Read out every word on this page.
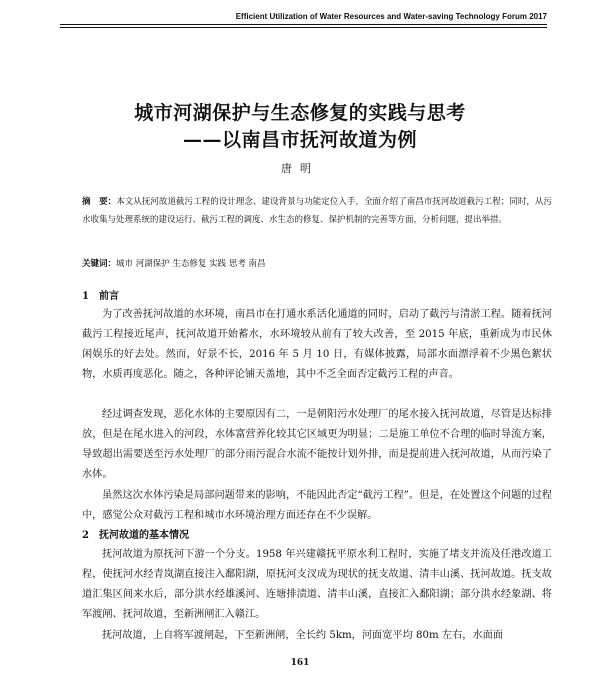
Efficient Utilization of Water Resources and Water-saving Technology Forum 2017
城市河湖保护与生态修复的实践与思考
——以南昌市抚河故道为例
唐明
摘　要：本文从抚河故道截污工程的设计理念、建设背景与功能定位入手，全面介绍了南昌市抚河故道截污工程；同时，从污水收集与处理系统的建设运行、截污工程的调度、水生态的修复、保护机制的完善等方面，分析问题，提出举措。
关键词：城市 河湖保护 生态修复 实践 思考 南昌
1　前言

为了改善抚河故道的水环境，南昌市在打通水系活化通道的同时，启动了截污与清淤工程。随着抚河截污工程接近尾声，抚河故道开始蓄水，水环境较从前有了较大改善，至 2015 年底，重新成为市民休闲娱乐的好去处。然而，好景不长，2016 年 5 月 10 日，有媒体披露，局部水面漂浮着不少黑色絮状物，水质再度恶化。随之，各种评论铺天盖地，其中不乏全面否定截污工程的声音。

经过调查发现，恶化水体的主要原因有二，一是朝阳污水处理厂的尾水接入抚河故道，尽管是达标排放，但是在尾水进入的河段，水体富营养化较其它区域更为明显；二是施工单位不合理的临时导流方案，导致超出需要送至污水处理厂的部分雨污混合水流不能按计划外排，而是提前进入抚河故道，从而污染了水体。

虽然这次水体污染是局部问题带来的影响，不能因此否定“截污工程”。但是，在处置这个问题的过程中，感觉公众对截污工程和城市水环境治理方面还存在不少误解。

2　抚河故道的基本情况

抚河故道为原抚河下游一个分支。1958 年兴建赣抚平原水利工程时，实施了堵支并流及任港改道工程，使抚河水经青岚湖直接注入鄱阳湖，原抚河支汊成为现状的抚支故道、清丰山溪、抚河故道。抚支故道汇集区间来水后，部分洪水经雄溪河、连塘排渍道、清丰山溪，直接汇入鄱阳湖；部分洪水经象湖、将军渡闸、抚河故道，至新洲闸汇入赣江。

抚河故道，上自将军渡闸起，下至新洲闸，全长约 5km，河面宽平均 80m 左右，水面面

161
